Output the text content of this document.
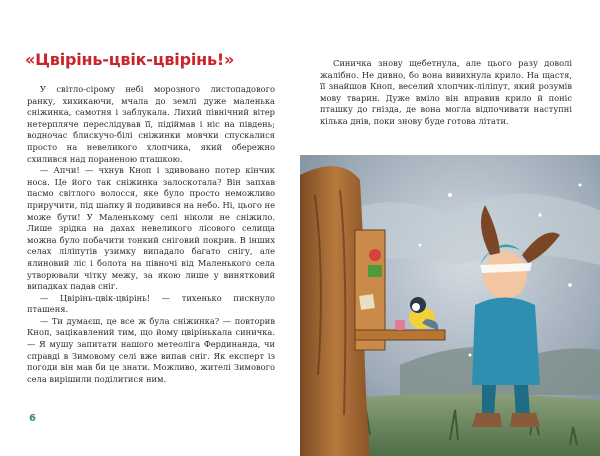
«Цвірінь-цвік-цвірінь!»

У світло-сірому небі морозного листопадового ранку, хихикаючи, мчала до землі дуже маленька сніжинка, самотня і заблукала. Лихий північний вітер нетерпляче переслідував її, підіймав і ніс на південь; водночас блискучо-білі сніжинки мовчки спускалися просто на невеликого хлопчика, який обережно схилився над пораненою пташкою.

— Апчи! — чхнув Кноп і здивовано потер кінчик носа. Це його так сніжинка залоскотала? Він запхав пасмо світлого волосся, яке було просто неможливо приручити, під шапку й подивився на небо. Ні, цього не може бути! У Маленькому селі ніколи не сніжило. Лише зрідка на дахах невеликого лісового селища можна було побачити тонкий сніговий покрив. В інших селах ліліпутів узимку випадало багато снігу, але ялиновий ліс і болота на півночі від Маленького села утворювали чітку межу, за якою лише у винятковий випадках падав сніг.

— Цвірінь-цвік-цвірінь! — тихенько пискнуло пташеня.

— Ти думаєш, це все ж була сніжинка? — повторив Кноп, зацікавлений тим, що йому цвірінькала синичка. — Я мушу запитати нашого метеоліга Фердинанда, чи справді в Зимовому селі вже випав сніг. Як експерт із погоди він мав би це знати. Можливо, жителі Зимового села вирішили поділитися ним.

6

Синичка знову щебетнула, але цього разу доволі жалібно. Не дивно, бо вона вивихнула крило. На щастя, її знайшов Кноп, веселий хлопчик-ліліпут, який розумів мову тварин. Дуже вміло він вправив крило й поніс пташку до гнізда, де вона могла відпочивати наступні кілька днів, поки знову буде готова літати.
